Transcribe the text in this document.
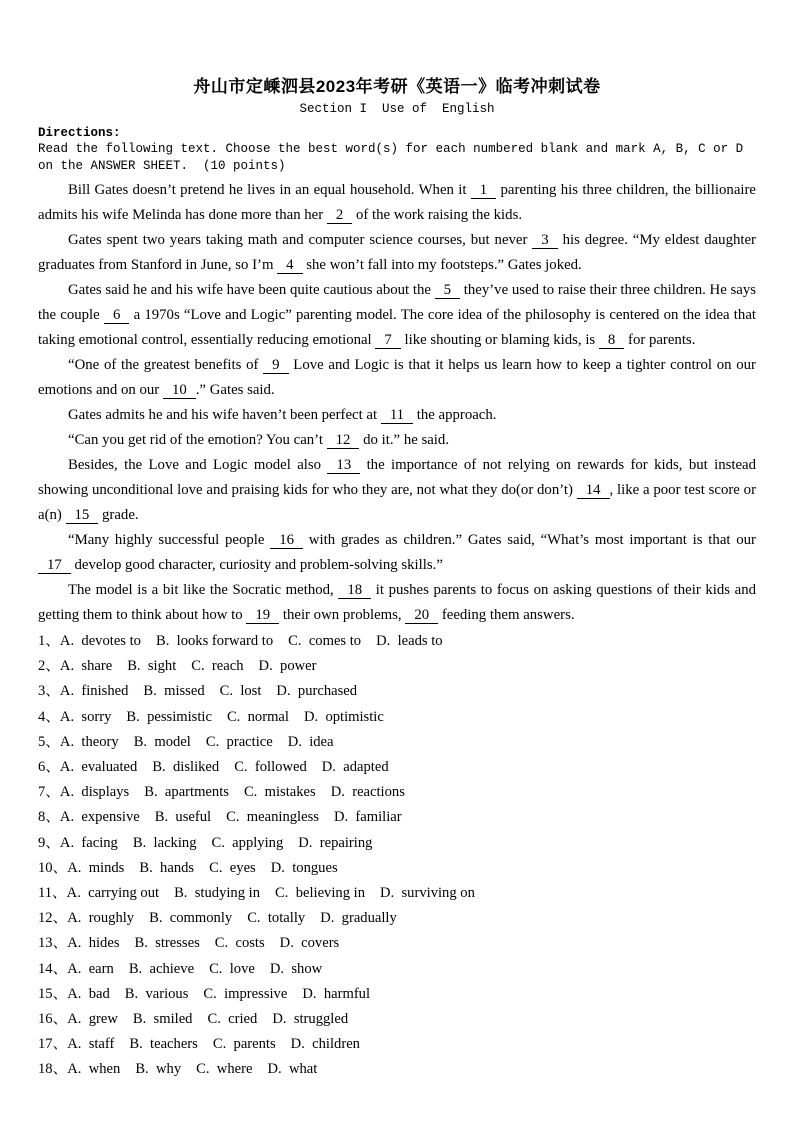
舟山市定嵊泗县2023年考研《英语一》临考冲刺试卷
Section I  Use of  English
Directions:
Read the following text. Choose the best word(s) for each numbered blank and mark A, B, C or D on the ANSWER SHEET.  (10 points)

Bill Gates doesn’t pretend he lives in an equal household. When it 1 parenting his three children, the billionaire admits his wife Melinda has done more than her 2 of the work raising the kids.

Gates spent two years taking math and computer science courses, but never 3 his degree. “My eldest daughter graduates from Stanford in June, so I’m 4 she won’t fall into my footsteps.” Gates joked.

Gates said he and his wife have been quite cautious about the 5 they’ve used to raise their three children. He says the couple 6 a 1970s “Love and Logic” parenting model. The core idea of the philosophy is centered on the idea that taking emotional control, essentially reducing emotional 7 like shouting or blaming kids, is 8 for parents.

“One of the greatest benefits of 9 Love and Logic is that it helps us learn how to keep a tighter control on our emotions and on our 10 .” Gates said.

Gates admits he and his wife haven’t been perfect at 11 the approach.

“Can you get rid of the emotion? You can’t 12 do it.” he said.

Besides, the Love and Logic model also 13 the importance of not relying on rewards for kids, but instead showing unconditional love and praising kids for who they are, not what they do(or don’t) 14 , like a poor test score or a(n) 15 grade.

“Many highly successful people 16 with grades as children.” Gates said, “What’s most important is that our 17 develop good character, curiosity and problem-solving skills.”

The model is a bit like the Socratic method, 18 it pushes parents to focus on asking questions of their kids and getting them to think about how to 19 their own problems, 20 feeding them answers.

1、A.  devotes to B.  looks forward to C.  comes to D.  leads to
2、A.  share B.  sight C.  reach D.  power
3、A.  finished B.  missed C.  lost D.  purchased
4、A.  sorry B.  pessimistic C.  normal D.  optimistic
5、A.  theory B.  model C.  practice D.  idea
6、A.  evaluated B.  disliked C.  followed D.  adapted
7、A.  displays B.  apartments C.  mistakes D.  reactions
8、A.  expensive B.  useful C.  meaningless D.  familiar
9、A.  facing B.  lacking C.  applying D.  repairing
10、A.  minds B.  hands C.  eyes D.  tongues
11、A.  carrying out B.  studying in C.  believing in D.  surviving on
12、A.  roughly B.  commonly C.  totally D.  gradually
13、A.  hides B.  stresses C.  costs D.  covers
14、A.  earn B.  achieve C.  love D.  show
15、A.  bad B.  various C.  impressive D.  harmful
16、A.  grew B.  smiled C.  cried D.  struggled
17、A.  staff B.  teachers C.  parents D.  children
18、A.  when B.  why C.  where D.  what
